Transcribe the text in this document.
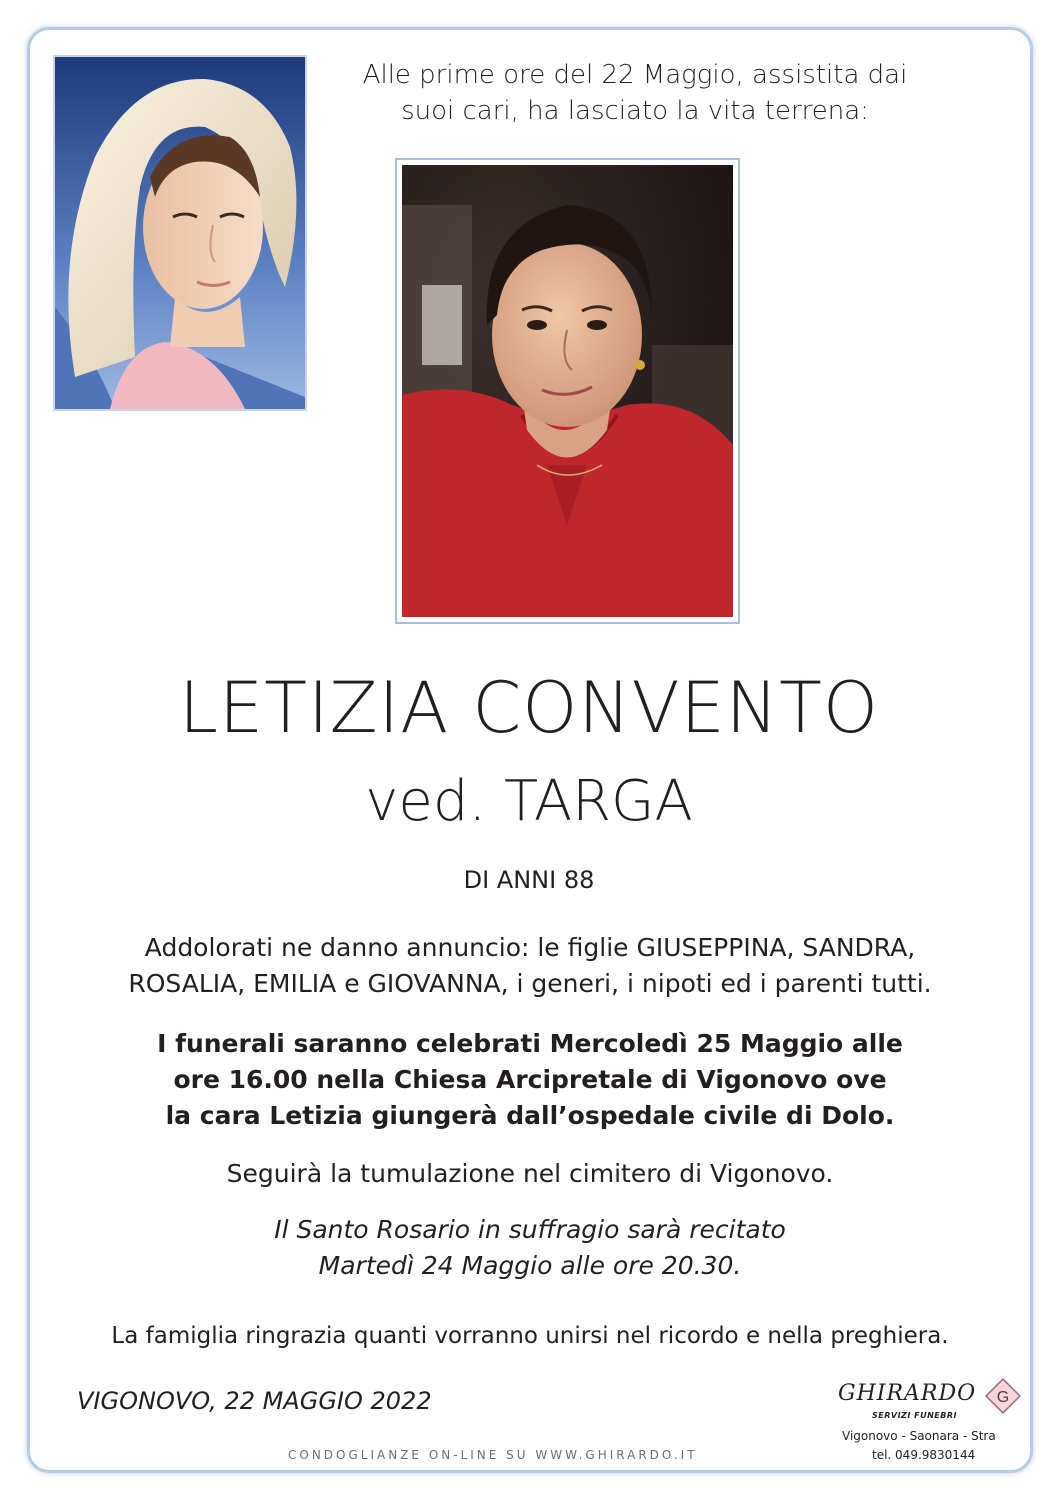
Alle prime ore del 22 Maggio, assistita dai
suoi cari, ha lasciato la vita terrena:
LETIZIA CONVENTO
ved. TARGA
DI ANNI 88
Addolorati ne danno annuncio: le figlie GIUSEPPINA, SANDRA,
ROSALIA, EMILIA e GIOVANNA, i generi, i nipoti ed i parenti tutti.
I funerali saranno celebrati Mercoledì 25 Maggio alle
ore 16.00 nella Chiesa Arcipretale di Vigonovo ove
la cara Letizia giungerà dall’ospedale civile di Dolo.
Seguirà la tumulazione nel cimitero di Vigonovo.
Il Santo Rosario in suffragio sarà recitato
Martedì 24 Maggio alle ore 20.30.
La famiglia ringrazia quanti vorranno unirsi nel ricordo e nella preghiera.
VIGONOVO, 22 MAGGIO 2022
CONDOGLIANZE ON-LINE SU WWW.GHIRARDO.IT
GHIRARDO
SERVIZI FUNEBRI
G
Vigonovo - Saonara - Stra
tel. 049.9830144
